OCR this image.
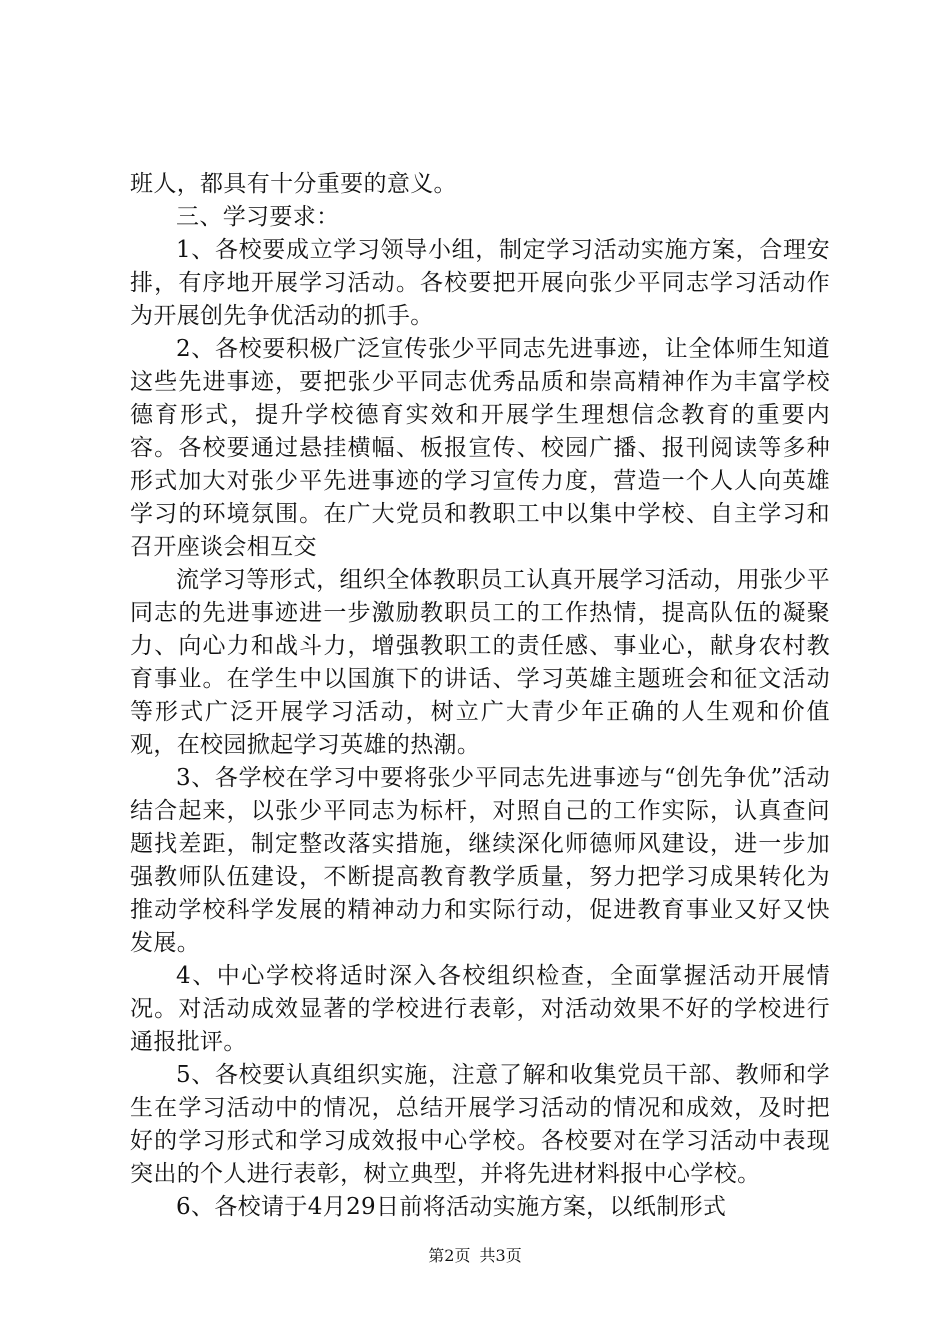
班人，都具有十分重要的意义。

三、学习要求：

1、各校要成立学习领导小组，制定学习活动实施方案，合理安排，有序地开展学习活动。各校要把开展向张少平同志学习活动作为开展创先争优活动的抓手。

2、各校要积极广泛宣传张少平同志先进事迹，让全体师生知道这些先进事迹，要把张少平同志优秀品质和崇高精神作为丰富学校德育形式，提升学校德育实效和开展学生理想信念教育的重要内容。各校要通过悬挂横幅、板报宣传、校园广播、报刊阅读等多种形式加大对张少平先进事迹的学习宣传力度，营造一个人人向英雄学习的环境氛围。在广大党员和教职工中以集中学校、自主学习和召开座谈会相互交

流学习等形式，组织全体教职员工认真开展学习活动，用张少平同志的先进事迹进一步激励教职员工的工作热情，提高队伍的凝聚力、向心力和战斗力，增强教职工的责任感、事业心，献身农村教育事业。在学生中以国旗下的讲话、学习英雄主题班会和征文活动等形式广泛开展学习活动，树立广大青少年正确的人生观和价值观，在校园掀起学习英雄的热潮。

3、各学校在学习中要将张少平同志先进事迹与“创先争优”活动结合起来，以张少平同志为标杆，对照自己的工作实际，认真查问题找差距，制定整改落实措施，继续深化师德师风建设，进一步加强教师队伍建设，不断提高教育教学质量，努力把学习成果转化为推动学校科学发展的精神动力和实际行动，促进教育事业又好又快发展。

4、中心学校将适时深入各校组织检查，全面掌握活动开展情况。对活动成效显著的学校进行表彰，对活动效果不好的学校进行通报批评。

5、各校要认真组织实施，注意了解和收集党员干部、教师和学生在学习活动中的情况，总结开展学习活动的情况和成效，及时把好的学习形式和学习成效报中心学校。各校要对在学习活动中表现突出的个人进行表彰，树立典型，并将先进材料报中心学校。

6、各校请于4月29日前将活动实施方案，以纸制形式

第2页 共3页
